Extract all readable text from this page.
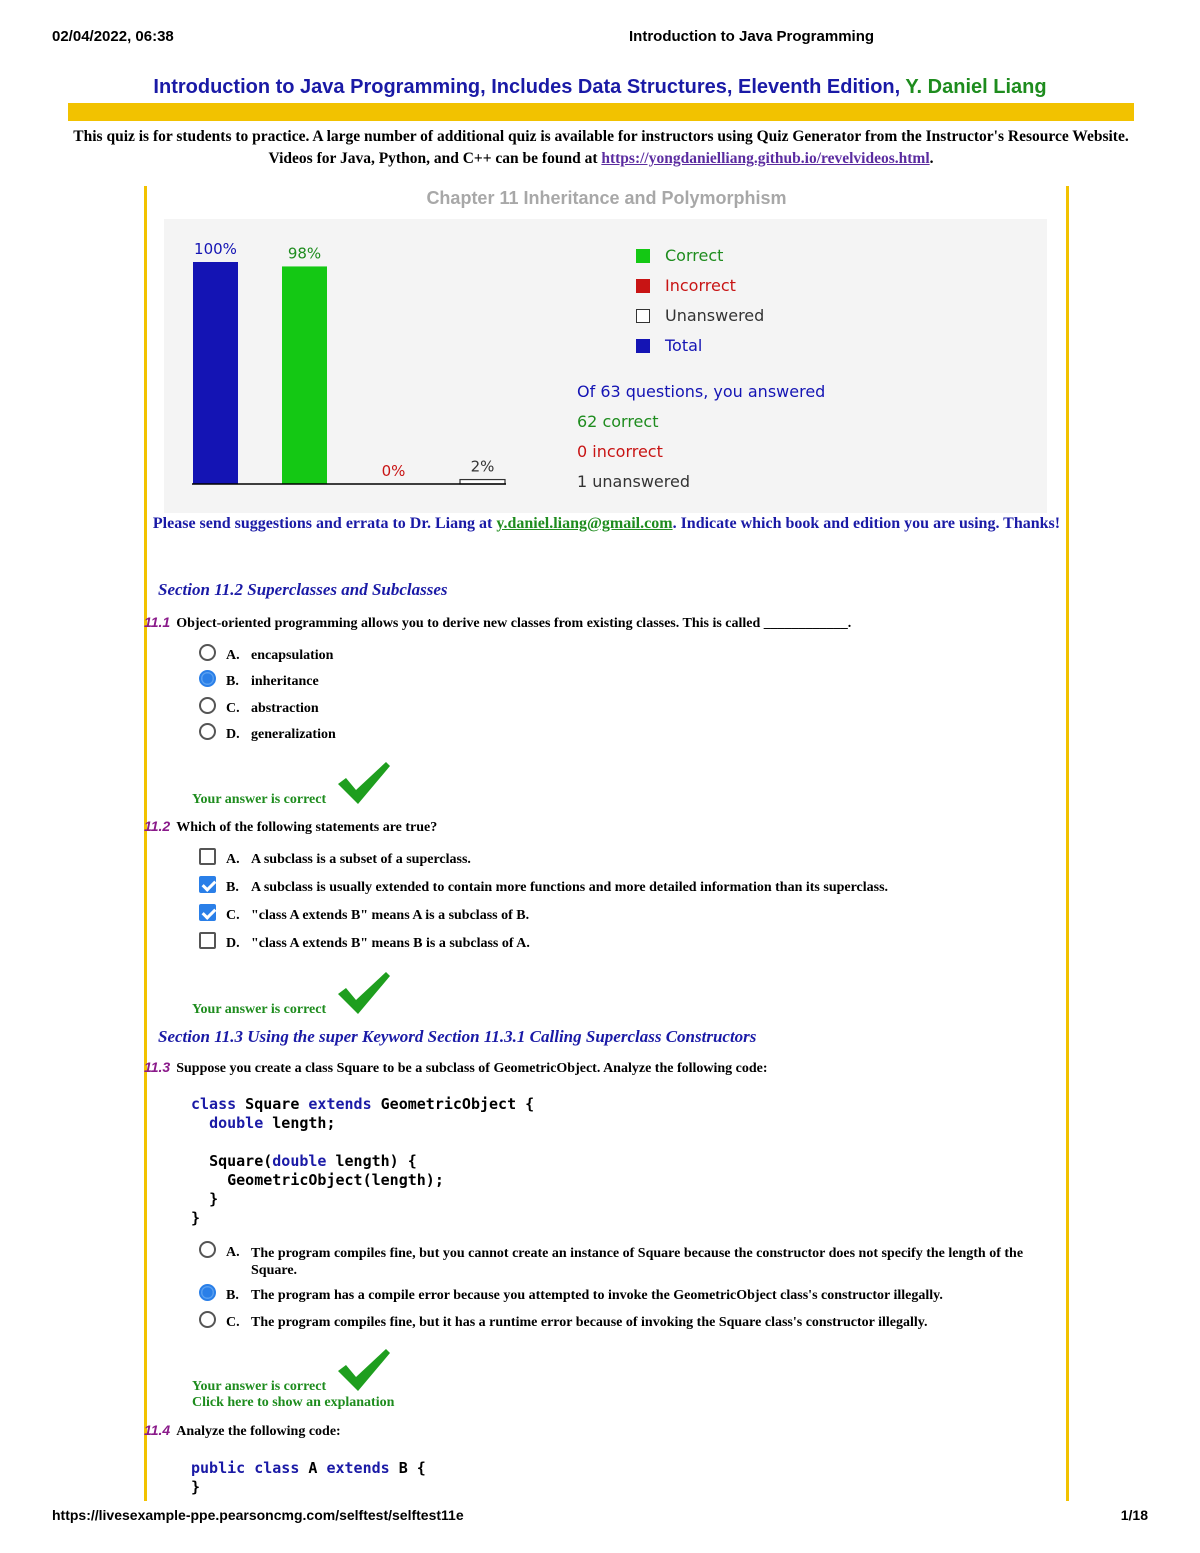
02/04/2022, 06:38	Introduction to Java Programming
Introduction to Java Programming, Includes Data Structures, Eleventh Edition, Y. Daniel Liang
This quiz is for students to practice. A large number of additional quiz is available for instructors using Quiz Generator from the Instructor's Resource Website. Videos for Java, Python, and C++ can be found at https://yongdanielliang.github.io/revelvideos.html.
Chapter 11 Inheritance and Polymorphism
100%	98%
0%	2%
Correct
Incorrect
Unanswered
Total
Of 63 questions, you answered
62 correct
0 incorrect
1 unanswered
Please send suggestions and errata to Dr. Liang at y.daniel.liang@gmail.com. Indicate which book and edition you are using. Thanks!
Section 11.2 Superclasses and Subclasses
11.1 Object-oriented programming allows you to derive new classes from existing classes. This is called ____________.
A. encapsulation
B. inheritance
C. abstraction
D. generalization
Your answer is correct
11.2 Which of the following statements are true?
A. A subclass is a subset of a superclass.
B. A subclass is usually extended to contain more functions and more detailed information than its superclass.
C. "class A extends B" means A is a subclass of B.
D. "class A extends B" means B is a subclass of A.
Your answer is correct
Section 11.3 Using the super Keyword Section 11.3.1 Calling Superclass Constructors
11.3 Suppose you create a class Square to be a subclass of GeometricObject. Analyze the following code:
class Square extends GeometricObject {
double length;

Square(double length) {
GeometricObject(length);
}
}
A. The program compiles fine, but you cannot create an instance of Square because the constructor does not specify the length of the Square.
B. The program has a compile error because you attempted to invoke the GeometricObject class's constructor illegally.
C. The program compiles fine, but it has a runtime error because of invoking the Square class's constructor illegally.
Your answer is correct
Click here to show an explanation
11.4 Analyze the following code:
public class A extends B {
}
https://livesexample-ppe.pearsoncmg.com/selftest/selftest11e	1/18
